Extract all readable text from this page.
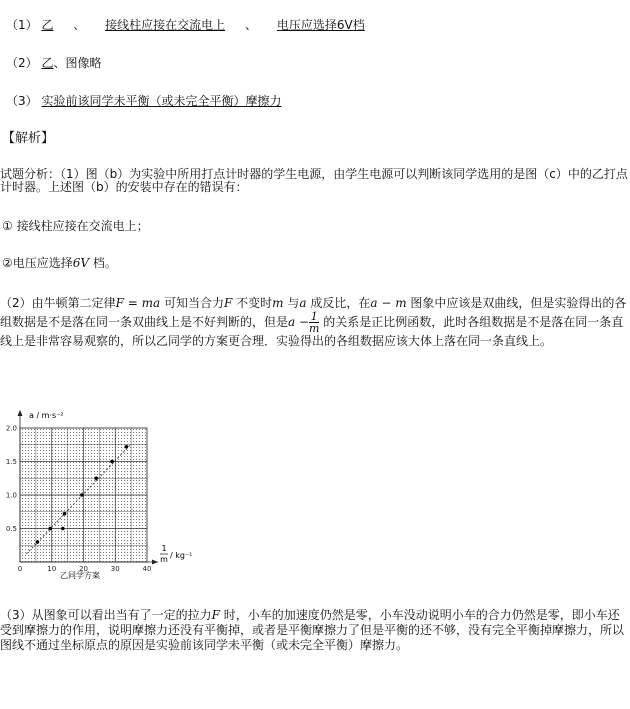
（1） 乙 、 接线柱应接在交流电上 、 电压应选择6V档
（2） 乙、图像略
（3） 实验前该同学未平衡（或未完全平衡）摩擦力
【解析】
试题分析：（1）图（b）为实验中所用打点计时器的学生电源，由学生电源可以判断该同学选用的是图（c）中的乙打点计时器。上述图（b）的安装中存在的错误有：
① 接线柱应接在交流电上；
②电压应选择6V 档。
（2）由牛顿第二定律F = ma 可知当合力F 不变时m 与a 成反比，在a − m 图象中应该是双曲线，但是实验得出的各组数据是不是落在同一条双曲线上是不好判断的，但是$a - \frac{1}{m}$ 的关系是正比例函数，此时各组数据是不是落在同一条直线上是非常容易观察的，所以乙同学的方案更合理．实验得出的各组数据应该大体上落在同一条直线上。
0	10	20	30	40
0.5
1.0
1.5
2.0
a / m·s⁻²
1
m / kg⁻¹
乙同学方案
（3）从图象可以看出当有了一定的拉力F 时，小车的加速度仍然是零，小车没动说明小车的合力仍然是零，即小车还受到摩擦力的作用，说明摩擦力还没有平衡掉，或者是平衡摩擦力了但是平衡的还不够，没有完全平衡掉摩擦力，所以图线不通过坐标原点的原因是实验前该同学未平衡（或未完全平衡）摩擦力。
